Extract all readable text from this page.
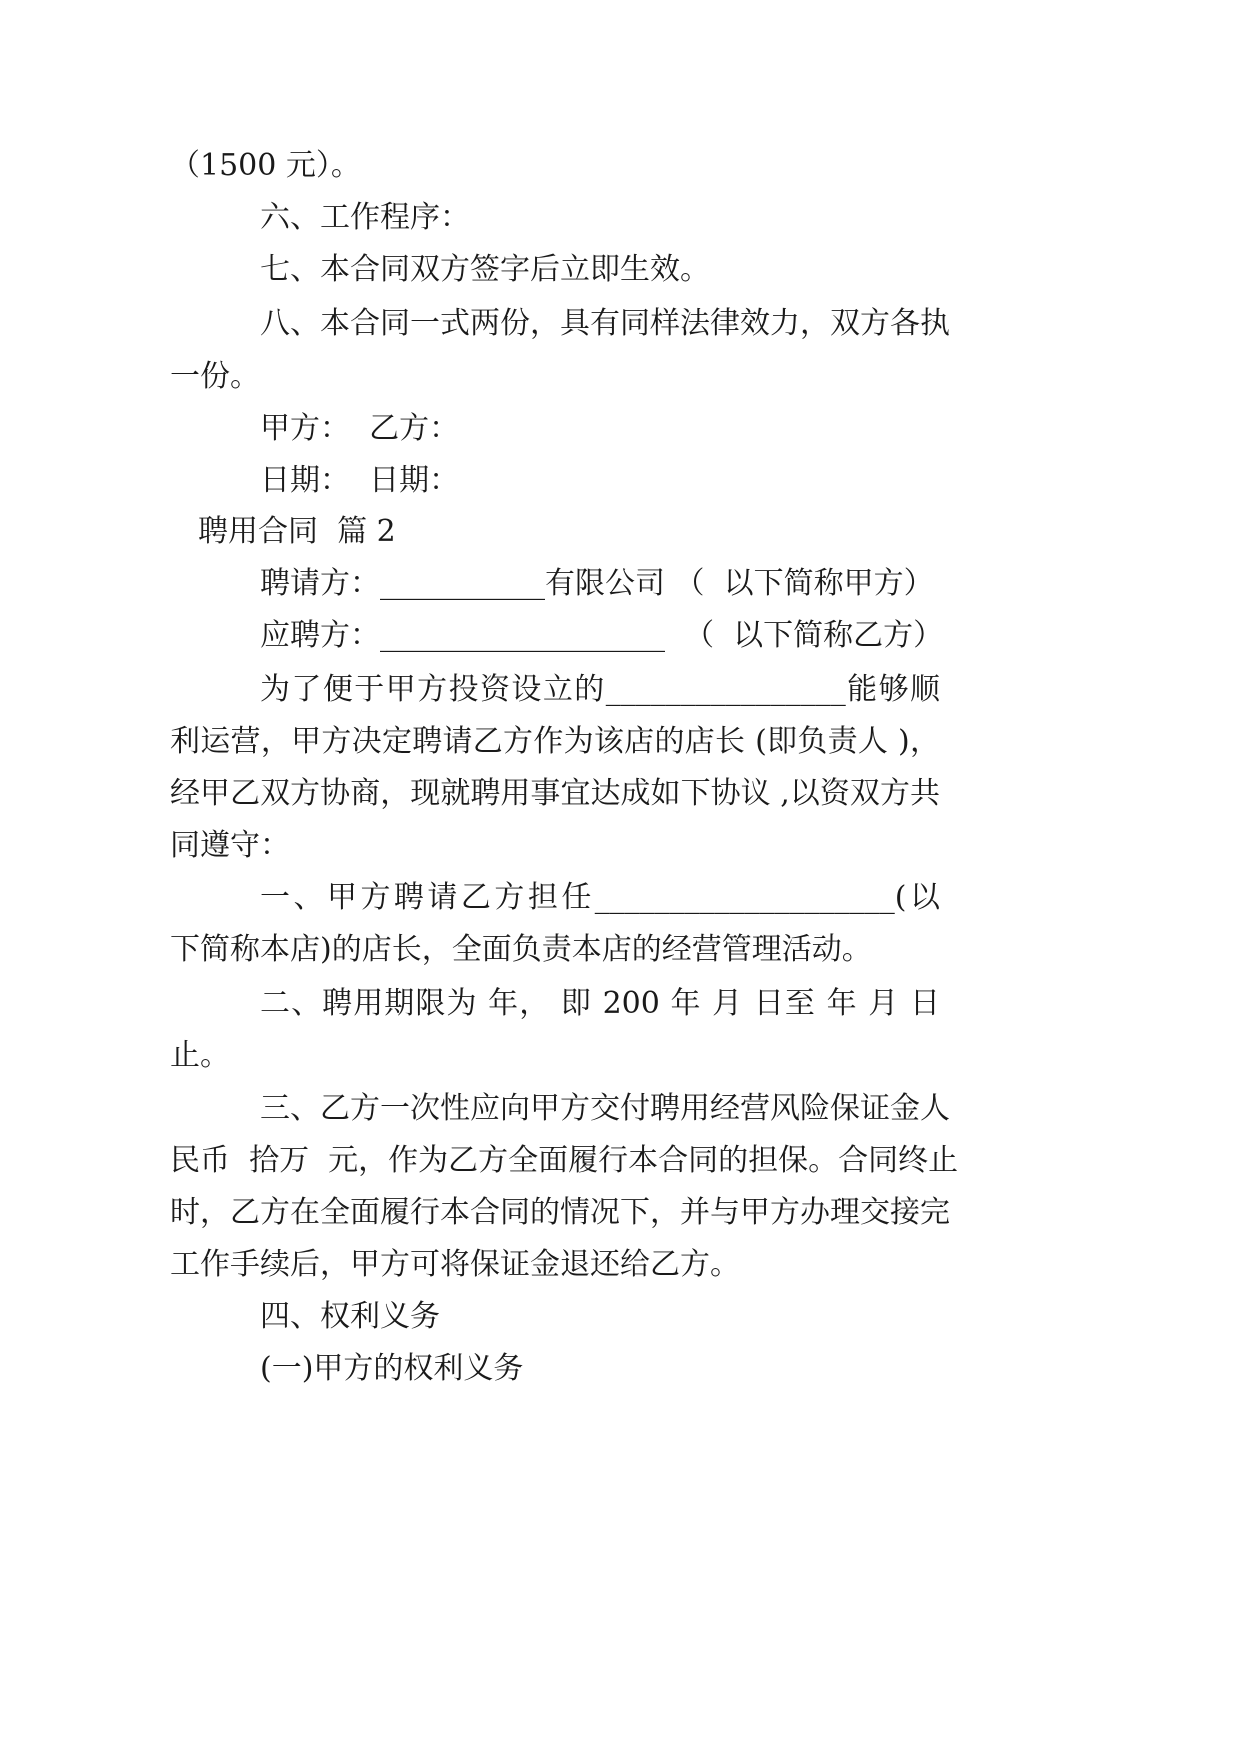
（1500 元）。
六、工作程序：
七、本合同双方签字后立即生效。
八、本合同一式两份，具有同样法律效力，双方各执
一份。
甲方：  乙方：
日期：  日期：
聘用合同  篇 2
聘请方：___________有限公司 （  以下简称甲方）
应聘方：___________________  （  以下简称乙方）
为了便于甲方投资设立的________________能够顺
利运营，甲方决定聘请乙方作为该店的店长 (即负责人 )，
经甲乙双方协商，现就聘用事宜达成如下协议 ,以资双方共
同遵守：
一、甲方聘请乙方担任____________________(以
下简称本店)的店长，全面负责本店的经营管理活动。
二、聘用期限为 年， 即 200 年 月 日至 年 月 日
止。
三、乙方一次性应向甲方交付聘用经营风险保证金人
民币  拾万  元，作为乙方全面履行本合同的担保。合同终止
时，乙方在全面履行本合同的情况下，并与甲方办理交接完
工作手续后，甲方可将保证金退还给乙方。
四、权利义务
(一)甲方的权利义务
